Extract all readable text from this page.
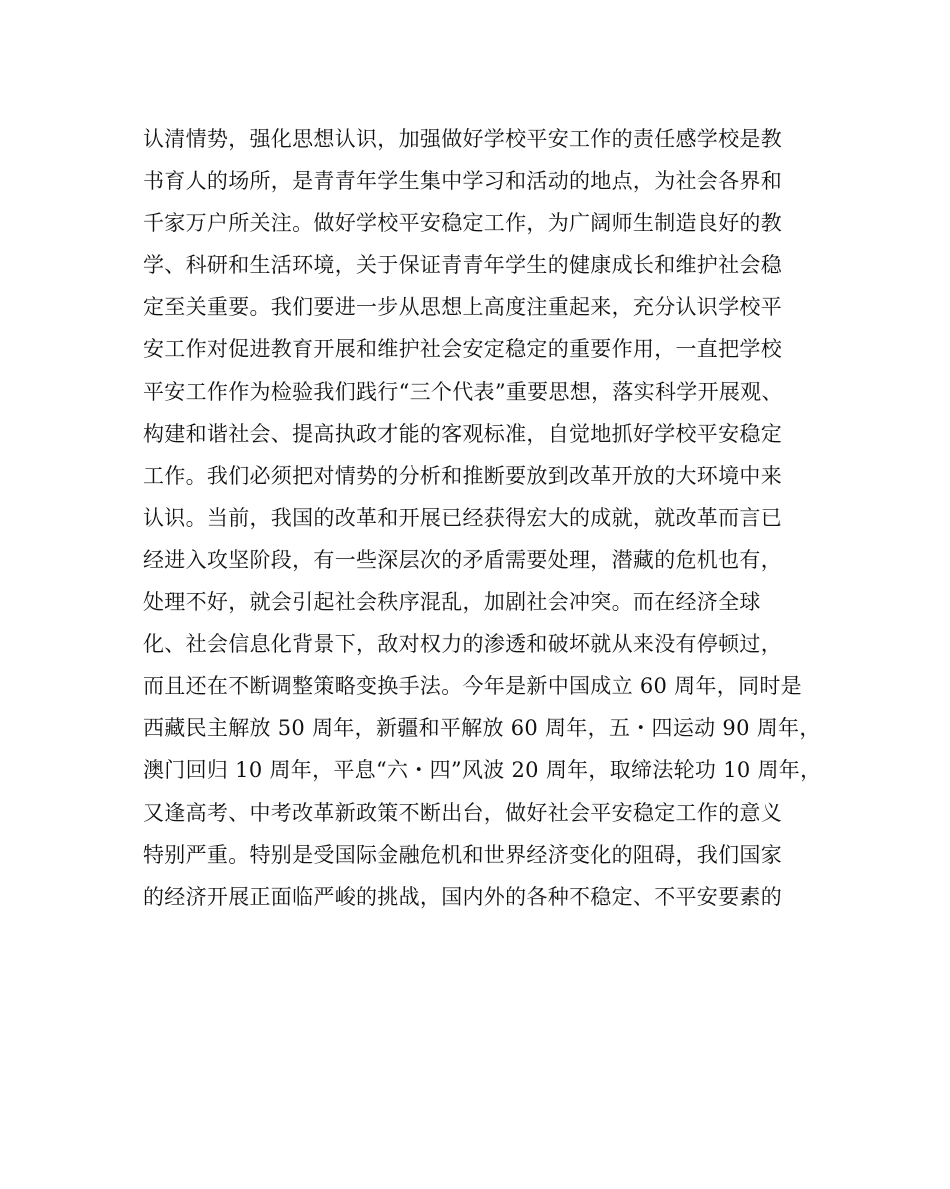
认清情势，强化思想认识，加强做好学校平安工作的责任感学校是教
书育人的场所，是青青年学生集中学习和活动的地点，为社会各界和
千家万户所关注。做好学校平安稳定工作，为广阔师生制造良好的教
学、科研和生活环境，关于保证青青年学生的健康成长和维护社会稳
定至关重要。我们要进一步从思想上高度注重起来，充分认识学校平
安工作对促进教育开展和维护社会安定稳定的重要作用，一直把学校
平安工作作为检验我们践行“三个代表”重要思想，落实科学开展观、
构建和谐社会、提高执政才能的客观标准，自觉地抓好学校平安稳定
工作。我们必须把对情势的分析和推断要放到改革开放的大环境中来
认识。当前，我国的改革和开展已经获得宏大的成就，就改革而言已
经进入攻坚阶段，有一些深层次的矛盾需要处理，潜藏的危机也有，
处理不好，就会引起社会秩序混乱，加剧社会冲突。而在经济全球
化、社会信息化背景下，敌对权力的渗透和破坏就从来没有停顿过，
而且还在不断调整策略变换手法。今年是新中国成立 60 周年，同时是
西藏民主解放 50 周年，新疆和平解放 60 周年，五・四运动 90 周年，
澳门回归 10 周年，平息“六・四”风波 20 周年，取缔法轮功 10 周年，
又逢高考、中考改革新政策不断出台，做好社会平安稳定工作的意义
特别严重。特别是受国际金融危机和世界经济变化的阻碍，我们国家
的经济开展正面临严峻的挑战，国内外的各种不稳定、不平安要素的
